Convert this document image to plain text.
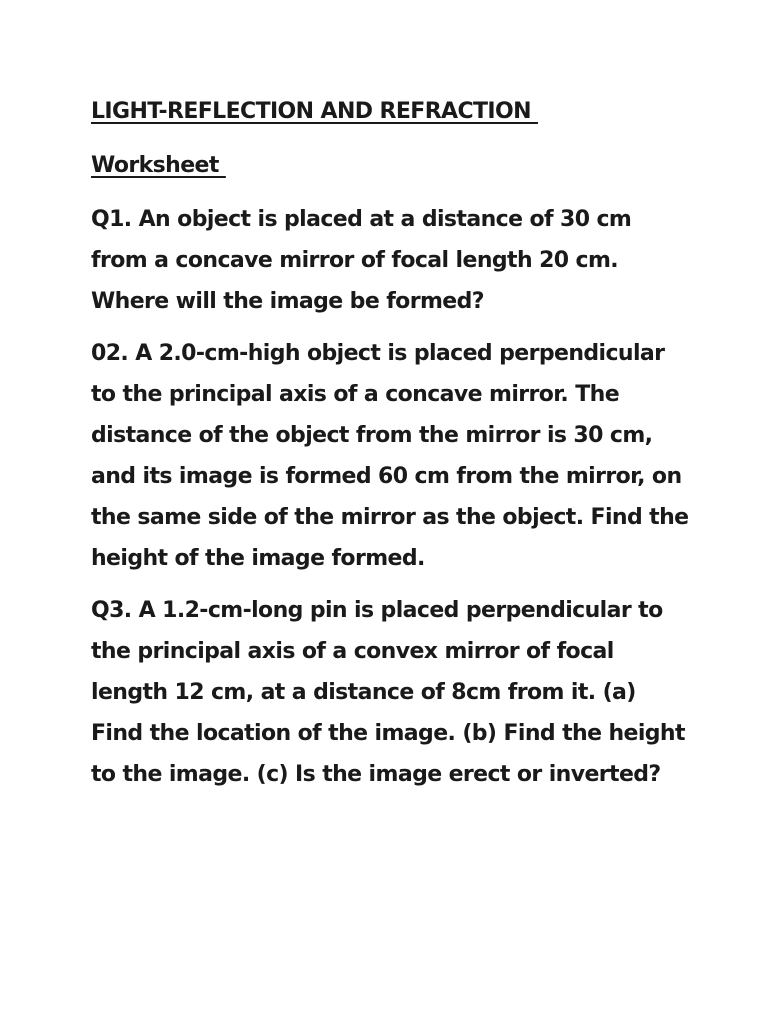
LIGHT-REFLECTION AND REFRACTION
Worksheet
Q1. An object is placed at a distance of 30 cm from a concave mirror of focal length 20 cm. Where will the image be formed?
02. A 2.0-cm-high object is placed perpendicular to the principal axis of a concave mirror. The distance of the object from the mirror is 30 cm, and its image is formed 60 cm from the mirror, on the same side of the mirror as the object. Find the height of the image formed.
Q3. A 1.2-cm-long pin is placed perpendicular to the principal axis of a convex mirror of focal length 12 cm, at a distance of 8cm from it. (a) Find the location of the image. (b) Find the height to the image. (c) Is the image erect or inverted?
